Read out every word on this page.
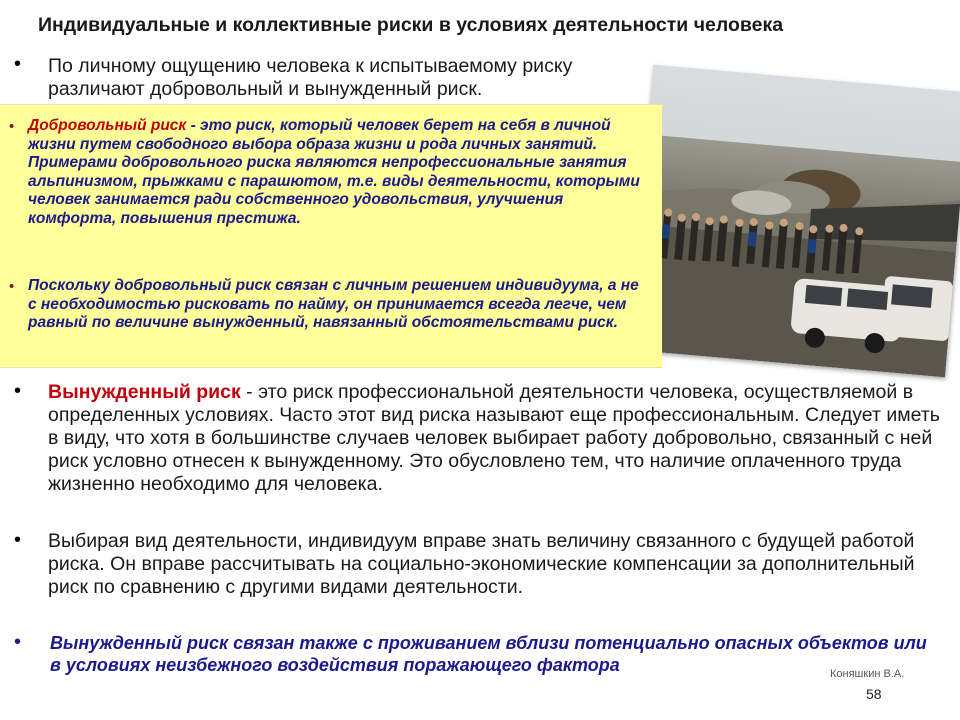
Индивидуальные и коллективные риски в условиях деятельности человека
• По личному ощущению человека к испытываемому риску различают добровольный и вынужденный риск.
• Добровольный риск - это риск, который человек берет на себя в личной жизни путем свободного выбора образа жизни и рода личных занятий. Примерами добровольного риска являются непрофессиональные занятия альпинизмом, прыжками с парашютом, т.е. виды деятельности, которыми человек занимается ради собственного удовольствия, улучшения комфорта, повышения престижа.
• Поскольку добровольный риск связан с личным решением индивидуума, а не с необходимостью рисковать по найму, он принимается всегда легче, чем равный по величине вынужденный, навязанный обстоятельствами риск.
• Вынужденный риск - это риск профессиональной деятельности человека, осуществляемой в определенных условиях. Часто этот вид риска называют еще профессиональным. Следует иметь в виду, что хотя в большинстве случаев человек выбирает работу добровольно, связанный с ней риск условно отнесен к вынужденному. Это обусловлено тем, что наличие оплаченного труда жизненно необходимо для человека.
• Выбирая вид деятельности, индивидуум вправе знать величину связанного с будущей работой риска. Он вправе рассчитывать на социально-экономические компенсации за дополнительный риск по сравнению с другими видами деятельности.
• Вынужденный риск связан также с проживанием вблизи потенциально опасных объектов или в условиях неизбежного воздействия поражающего фактора	Коняшкин В.А.
58
